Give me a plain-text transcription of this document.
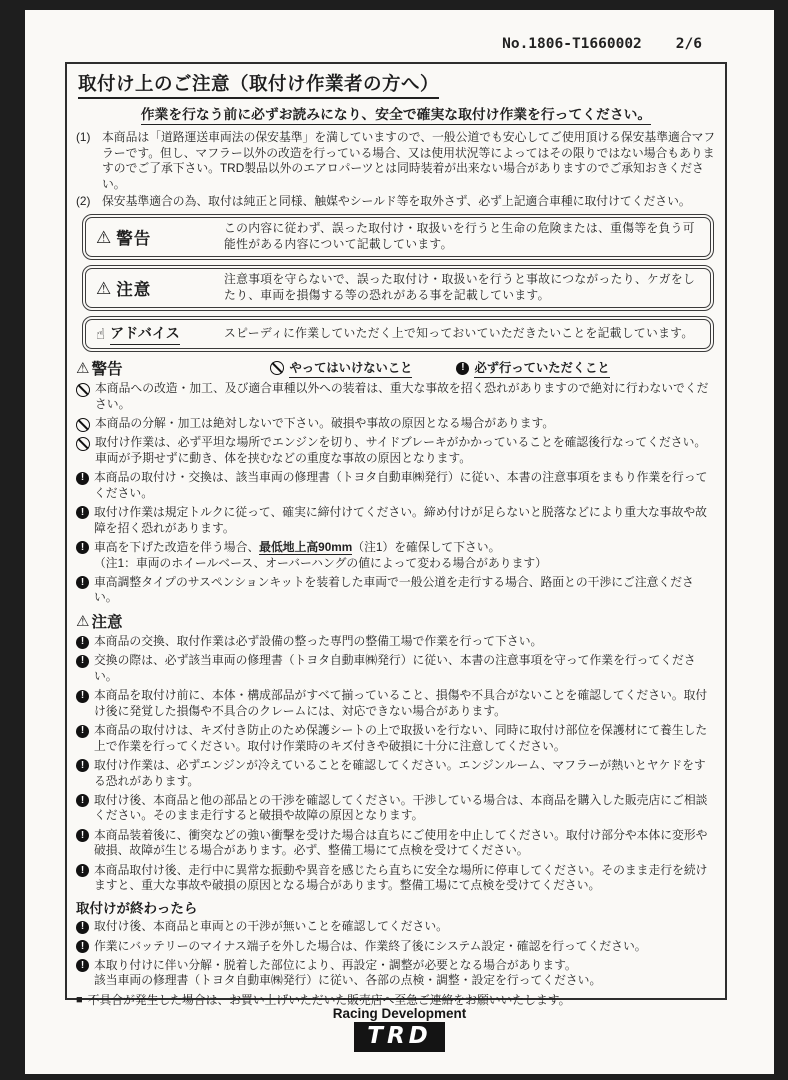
No.1806-T1660002 2/6
取付け上のご注意（取付け作業者の方へ）
作業を行なう前に必ずお読みになり、安全で確実な取付け作業を行ってください。
(1) 本商品は「道路運送車両法の保安基準」を満していますので、一般公道でも安心してご使用頂ける保安基準適合マフラーです。但し、マフラー以外の改造を行っている場合、又は使用状況等によってはその限りではない場合もありますのでご了承下さい。TRD製品以外のエアロパーツとは同時装着が出来ない場合がありますのでご承知おきください。
(2) 保安基準適合の為、取付は純正と同様、触媒やシールド等を取外さず、必ず上記適合車種に取付けてください。
⚠ 警告
この内容に従わず、誤った取付け・取扱いを行うと生命の危険または、重傷等を負う可能性がある内容について記載しています。
⚠ 注意
注意事項を守らないで、誤った取付け・取扱いを行うと事故につながったり、ケガをしたり、車両を損傷する等の恐れがある事を記載しています。
☝ アドバイス	スピーディに作業していただく上で知っておいていただきたいことを記載しています。
⚠ 警告	やってはいけないこと	! 必ず行っていただくこと
本商品への改造・加工、及び適合車種以外への装着は、重大な事故を招く恐れがありますので絶対に行わないでください。
本商品の分解・加工は絶対しないで下さい。破損や事故の原因となる場合があります。
取付け作業は、必ず平坦な場所でエンジンを切り、サイドブレーキがかかっていることを確認後行なってください。車両が予期せずに動き、体を挟むなどの重度な事故の原因となります。
! 本商品の取付け・交換は、該当車両の修理書（トヨタ自動車㈱発行）に従い、本書の注意事項をまもり作業を行ってください。
! 取付け作業は規定トルクに従って、確実に締付けてください。締め付けが足らないと脱落などにより重大な事故や故障を招く恐れがあります。
! 車高を下げた改造を伴う場合、最低地上高90mm（注1）を確保して下さい。
（注1：車両のホイールベース、オーバーハングの値によって変わる場合があります）
! 車高調整タイプのサスペンションキットを装着した車両で一般公道を走行する場合、路面との干渉にご注意ください。
⚠ 注意
! 本商品の交換、取付作業は必ず設備の整った専門の整備工場で作業を行って下さい。
! 交換の際は、必ず該当車両の修理書（トヨタ自動車㈱発行）に従い、本書の注意事項を守って作業を行ってください。
! 本商品を取付け前に、本体・構成部品がすべて揃っていること、損傷や不具合がないことを確認してください。取付け後に発覚した損傷や不具合のクレームには、対応できない場合があります。
! 本商品の取付けは、キズ付き防止のため保護シートの上で取扱いを行ない、同時に取付け部位を保護材にて養生した上で作業を行ってください。取付け作業時のキズ付きや破損に十分に注意してください。
! 取付け作業は、必ずエンジンが冷えていることを確認してください。エンジンルーム、マフラーが熱いとヤケドをする恐れがあります。
! 取付け後、本商品と他の部品との干渉を確認してください。干渉している場合は、本商品を購入した販売店にご相談ください。そのまま走行すると破損や故障の原因となります。
! 本商品装着後に、衝突などの強い衝撃を受けた場合は直ちにご使用を中止してください。取付け部分や本体に変形や破損、故障が生じる場合があります。必ず、整備工場にて点検を受けてください。
! 本商品取付け後、走行中に異常な振動や異音を感じたら直ちに安全な場所に停車してください。そのまま走行を続けますと、重大な事故や破損の原因となる場合があります。整備工場にて点検を受けてください。
取付けが終わったら
! 取付け後、本商品と車両との干渉が無いことを確認してください。
! 作業にバッテリーのマイナス端子を外した場合は、作業終了後にシステム設定・確認を行ってください。
! 本取り付けに伴い分解・脱着した部位により、再設定・調整が必要となる場合があります。
該当車両の修理書（トヨタ自動車㈱発行）に従い、各部の点検・調整・設定を行ってください。
■ 不具合が発生した場合は、お買い上げいただいた販売店へ至急ご連絡をお願いいたします。
Racing Development
TRD
